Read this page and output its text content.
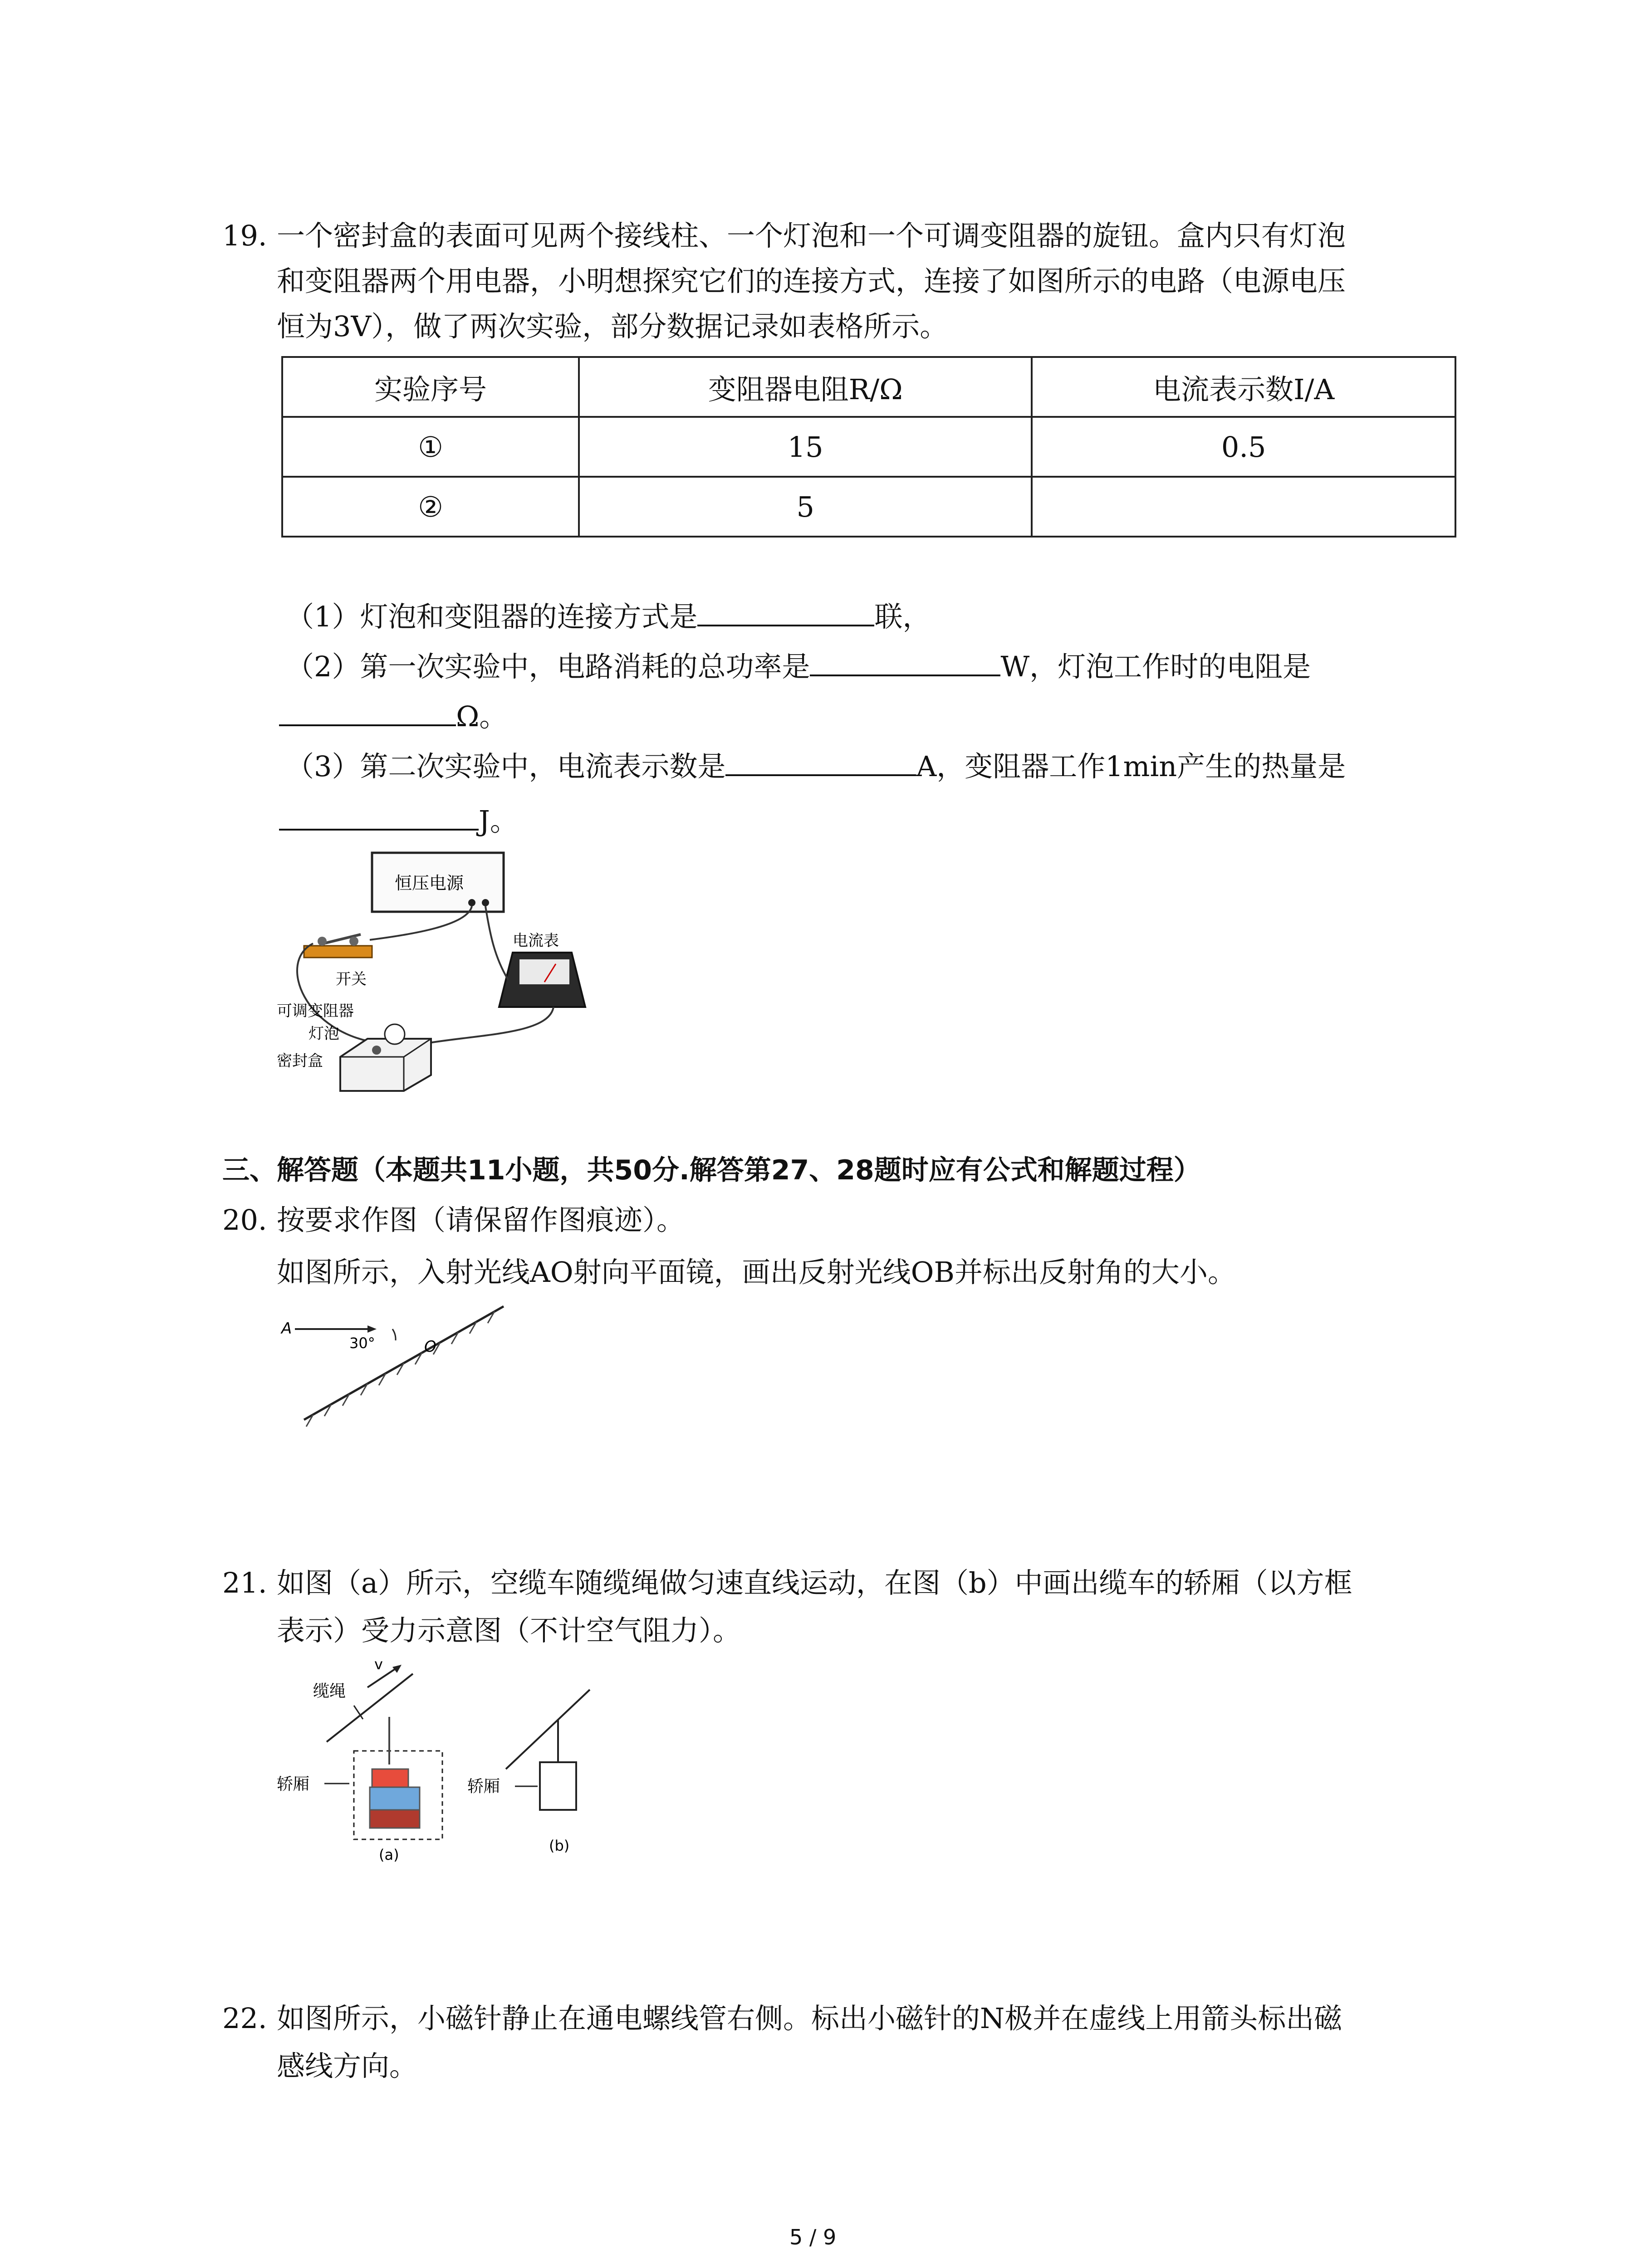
19. 一个密封盒的表面可见两个接线柱、一个灯泡和一个可调变阻器的旋钮。盒内只有灯泡
和变阻器两个用电器，小明想探究它们的连接方式，连接了如图所示的电路（电源电压
恒为3V），做了两次实验，部分数据记录如表格所示。
实验序号	变阻器电阻R/Ω	电流表示数I/A
①	15	0.5
②	5	
（1）灯泡和变阻器的连接方式是	联，
（2）第一次实验中，电路消耗的总功率是	W，灯泡工作时的电阻是
Ω。
（3）第二次实验中，电流表示数是	A，变阻器工作1min产生的热量是
J。
恒压电源
开关
电流表
可调变阻器
灯泡
密封盒
三、解答题（本题共11小题，共50分.解答第27、28题时应有公式和解题过程）
20. 按要求作图（请保留作图痕迹）。
如图所示，入射光线AO射向平面镜，画出反射光线OB并标出反射角的大小。
A
30°	O
21. 如图（a）所示，空缆车随缆绳做匀速直线运动，在图（b）中画出缆车的轿厢（以方框
表示）受力示意图（不计空气阻力）。
v
缆绳
轿厢
(a)
轿厢
(b)
22. 如图所示，小磁针静止在通电螺线管右侧。标出小磁针的N极并在虚线上用箭头标出磁
感线方向。
5 / 9
